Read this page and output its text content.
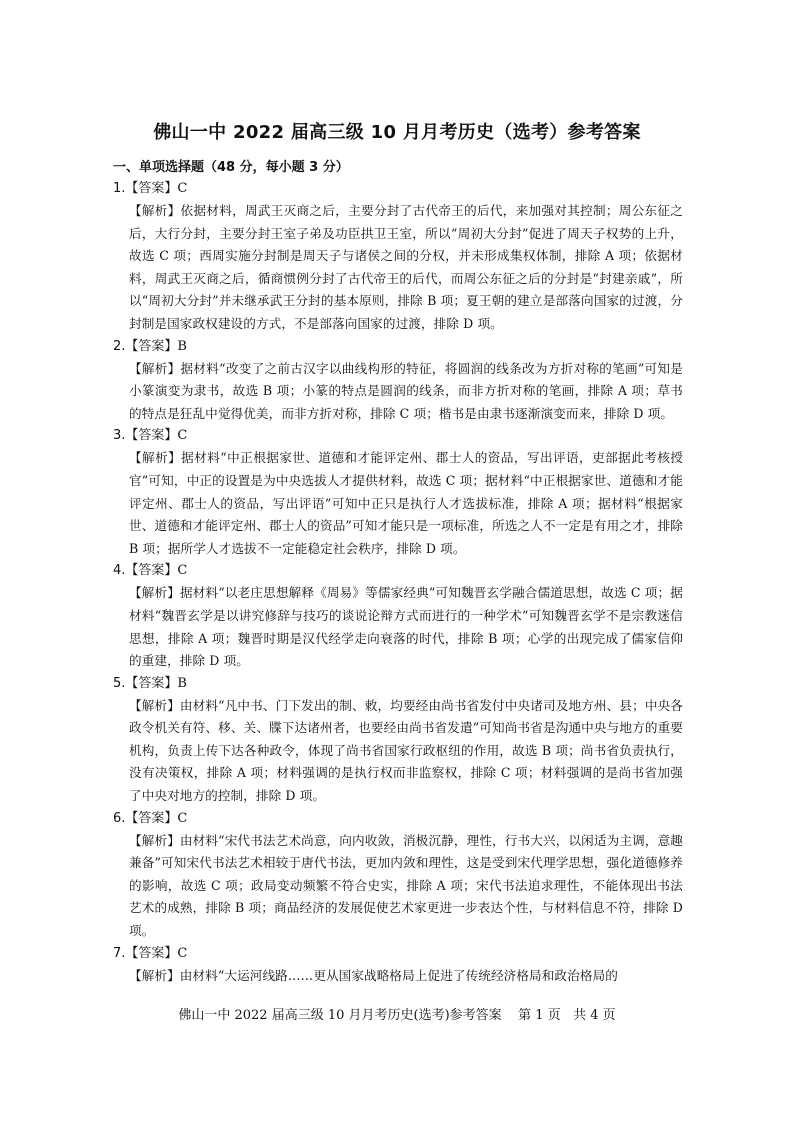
佛山一中 2022 届高三级 10 月月考历史（选考）参考答案
一、单项选择题（48 分，每小题 3 分）
1.【答案】C

【解析】依据材料，周武王灭商之后，主要分封了古代帝王的后代，来加强对其控制；周公东征之后，大行分封，主要分封王室子弟及功臣拱卫王室，所以“周初大分封”促进了周天子权势的上升，故选 C 项；西周实施分封制是周天子与诸侯之间的分权，并未形成集权体制，排除 A 项；依据材料，周武王灭商之后，循商惯例分封了古代帝王的后代，而周公东征之后的分封是“封建亲戚”，所以“周初大分封”并未继承武王分封的基本原则，排除 B 项；夏王朝的建立是部落向国家的过渡，分封制是国家政权建设的方式，不是部落向国家的过渡，排除 D 项。

2.【答案】B

【解析】据材料“改变了之前古汉字以曲线构形的特征，将圆润的线条改为方折对称的笔画”可知是小篆演变为隶书，故选 B 项；小篆的特点是圆润的线条，而非方折对称的笔画，排除 A 项；草书的特点是狂乱中觉得优美，而非方折对称，排除 C 项；楷书是由隶书逐渐演变而来，排除 D 项。

3.【答案】C

【解析】据材料“中正根据家世、道德和才能评定州、郡士人的资品，写出评语，吏部据此考核授官”可知，中正的设置是为中央选拔人才提供材料，故选 C 项；据材料“中正根据家世、道德和才能评定州、郡士人的资品，写出评语”可知中正只是执行人才选拔标准，排除 A 项；据材料“根据家世、道德和才能评定州、郡士人的资品”可知才能只是一项标准，所选之人不一定是有用之才，排除 B 项；据所学人才选拔不一定能稳定社会秩序，排除 D 项。

4.【答案】C

【解析】据材料“以老庄思想解释《周易》等儒家经典”可知魏晋玄学融合儒道思想，故选 C 项；据材料“魏晋玄学是以讲究修辞与技巧的谈说论辩方式而进行的一种学术”可知魏晋玄学不是宗教迷信思想，排除 A 项；魏晋时期是汉代经学走向衰落的时代，排除 B 项；心学的出现完成了儒家信仰的重建，排除 D 项。

5.【答案】B

【解析】由材料“凡中书、门下发出的制、敕，均要经由尚书省发付中央诸司及地方州、县；中央各政令机关有符、移、关、牒下达诸州者，也要经由尚书省发遣”可知尚书省是沟通中央与地方的重要机构，负责上传下达各种政令，体现了尚书省国家行政枢纽的作用，故选 B 项；尚书省负责执行，没有决策权，排除 A 项；材料强调的是执行权而非监察权，排除 C 项；材料强调的是尚书省加强了中央对地方的控制，排除 D 项。

6.【答案】C

【解析】由材料“宋代书法艺术尚意，向内收敛，消极沉静，理性，行书大兴，以闲适为主调，意趣兼备”可知宋代书法艺术相较于唐代书法，更加内敛和理性，这是受到宋代理学思想，强化道德修养的影响，故选 C 项；政局变动频繁不符合史实，排除 A 项；宋代书法追求理性，不能体现出书法艺术的成熟，排除 B 项；商品经济的发展促使艺术家更进一步表达个性，与材料信息不符，排除 D 项。

7.【答案】C

【解析】由材料“大运河线路……更从国家战略格局上促进了传统经济格局和政治格局的

佛山一中 2022 届高三级 10 月月考历史(选考)参考答案    第 1 页   共 4 页
